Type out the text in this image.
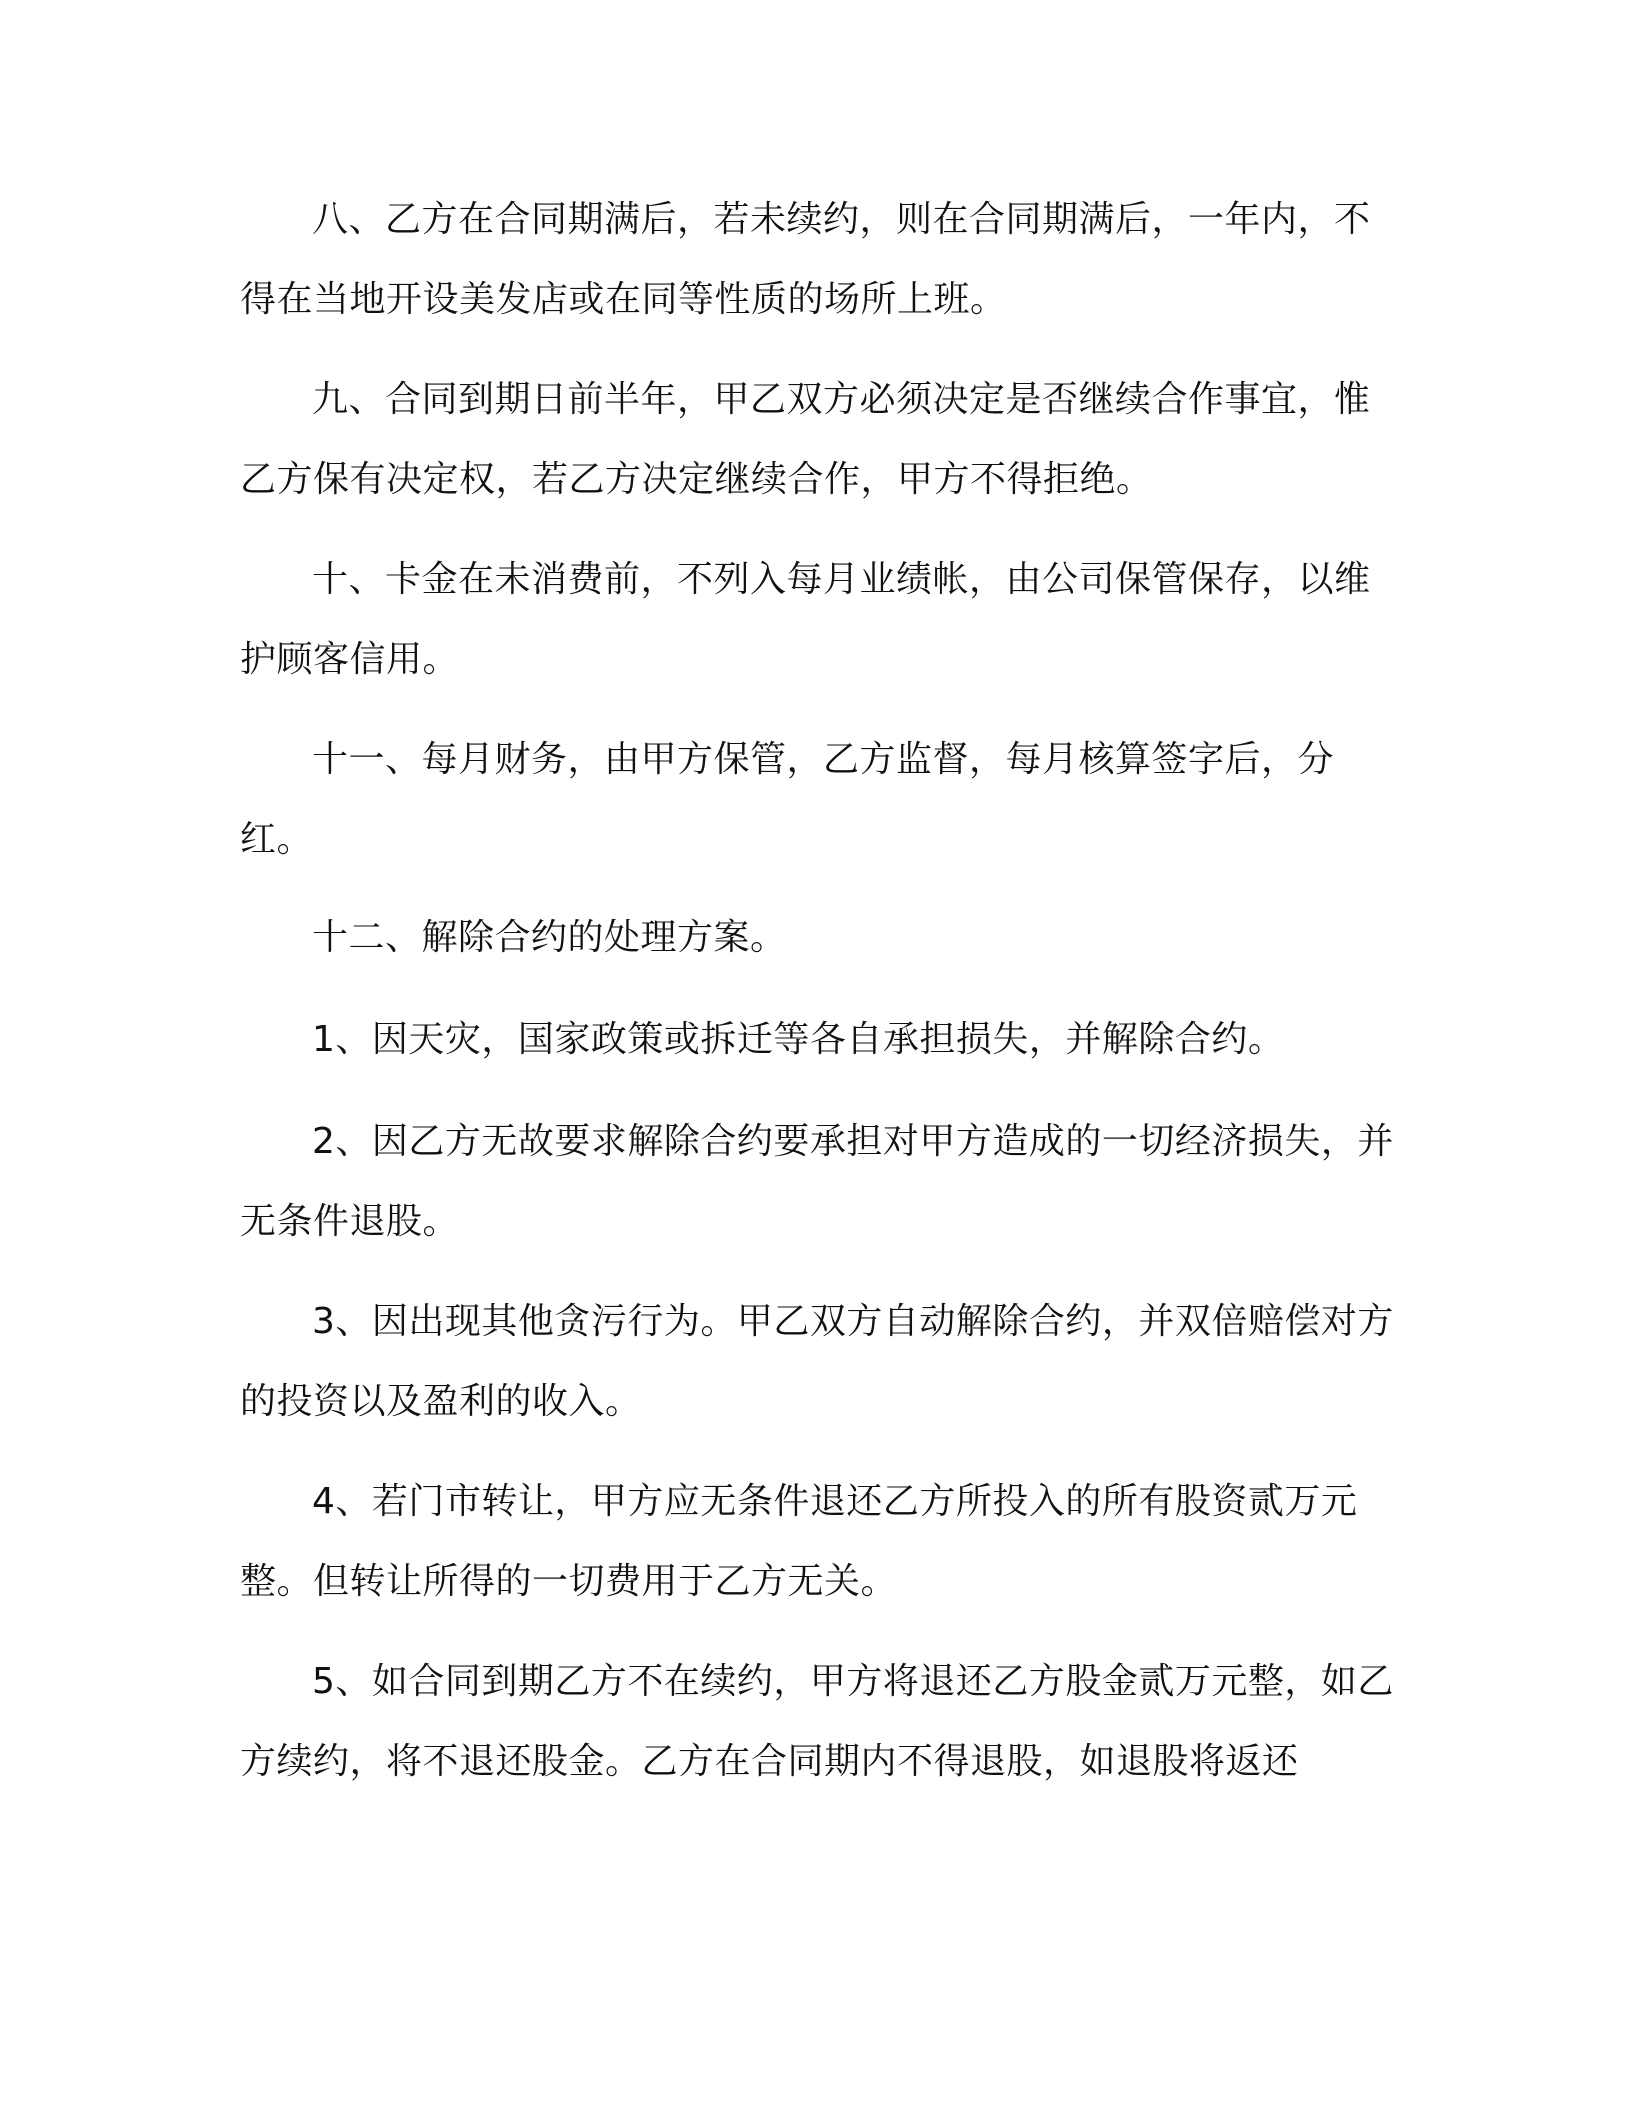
八、乙方在合同期满后，若未续约，则在合同期满后，一年内，不得在当地开设美发店或在同等性质的场所上班。

九、合同到期日前半年，甲乙双方必须决定是否继续合作事宜，惟乙方保有决定权，若乙方决定继续合作，甲方不得拒绝。

十、卡金在未消费前，不列入每月业绩帐，由公司保管保存，以维护顾客信用。

十一、每月财务，由甲方保管，乙方监督，每月核算签字后，分红。

十二、解除合约的处理方案。

1、因天灾，国家政策或拆迁等各自承担损失，并解除合约。

2、因乙方无故要求解除合约要承担对甲方造成的一切经济损失，并无条件退股。

3、因出现其他贪污行为。甲乙双方自动解除合约，并双倍赔偿对方的投资以及盈利的收入。

4、若门市转让，甲方应无条件退还乙方所投入的所有股资贰万元整。但转让所得的一切费用于乙方无关。

5、如合同到期乙方不在续约，甲方将退还乙方股金贰万元整，如乙方续约，将不退还股金。乙方在合同期内不得退股，如退股将返还
